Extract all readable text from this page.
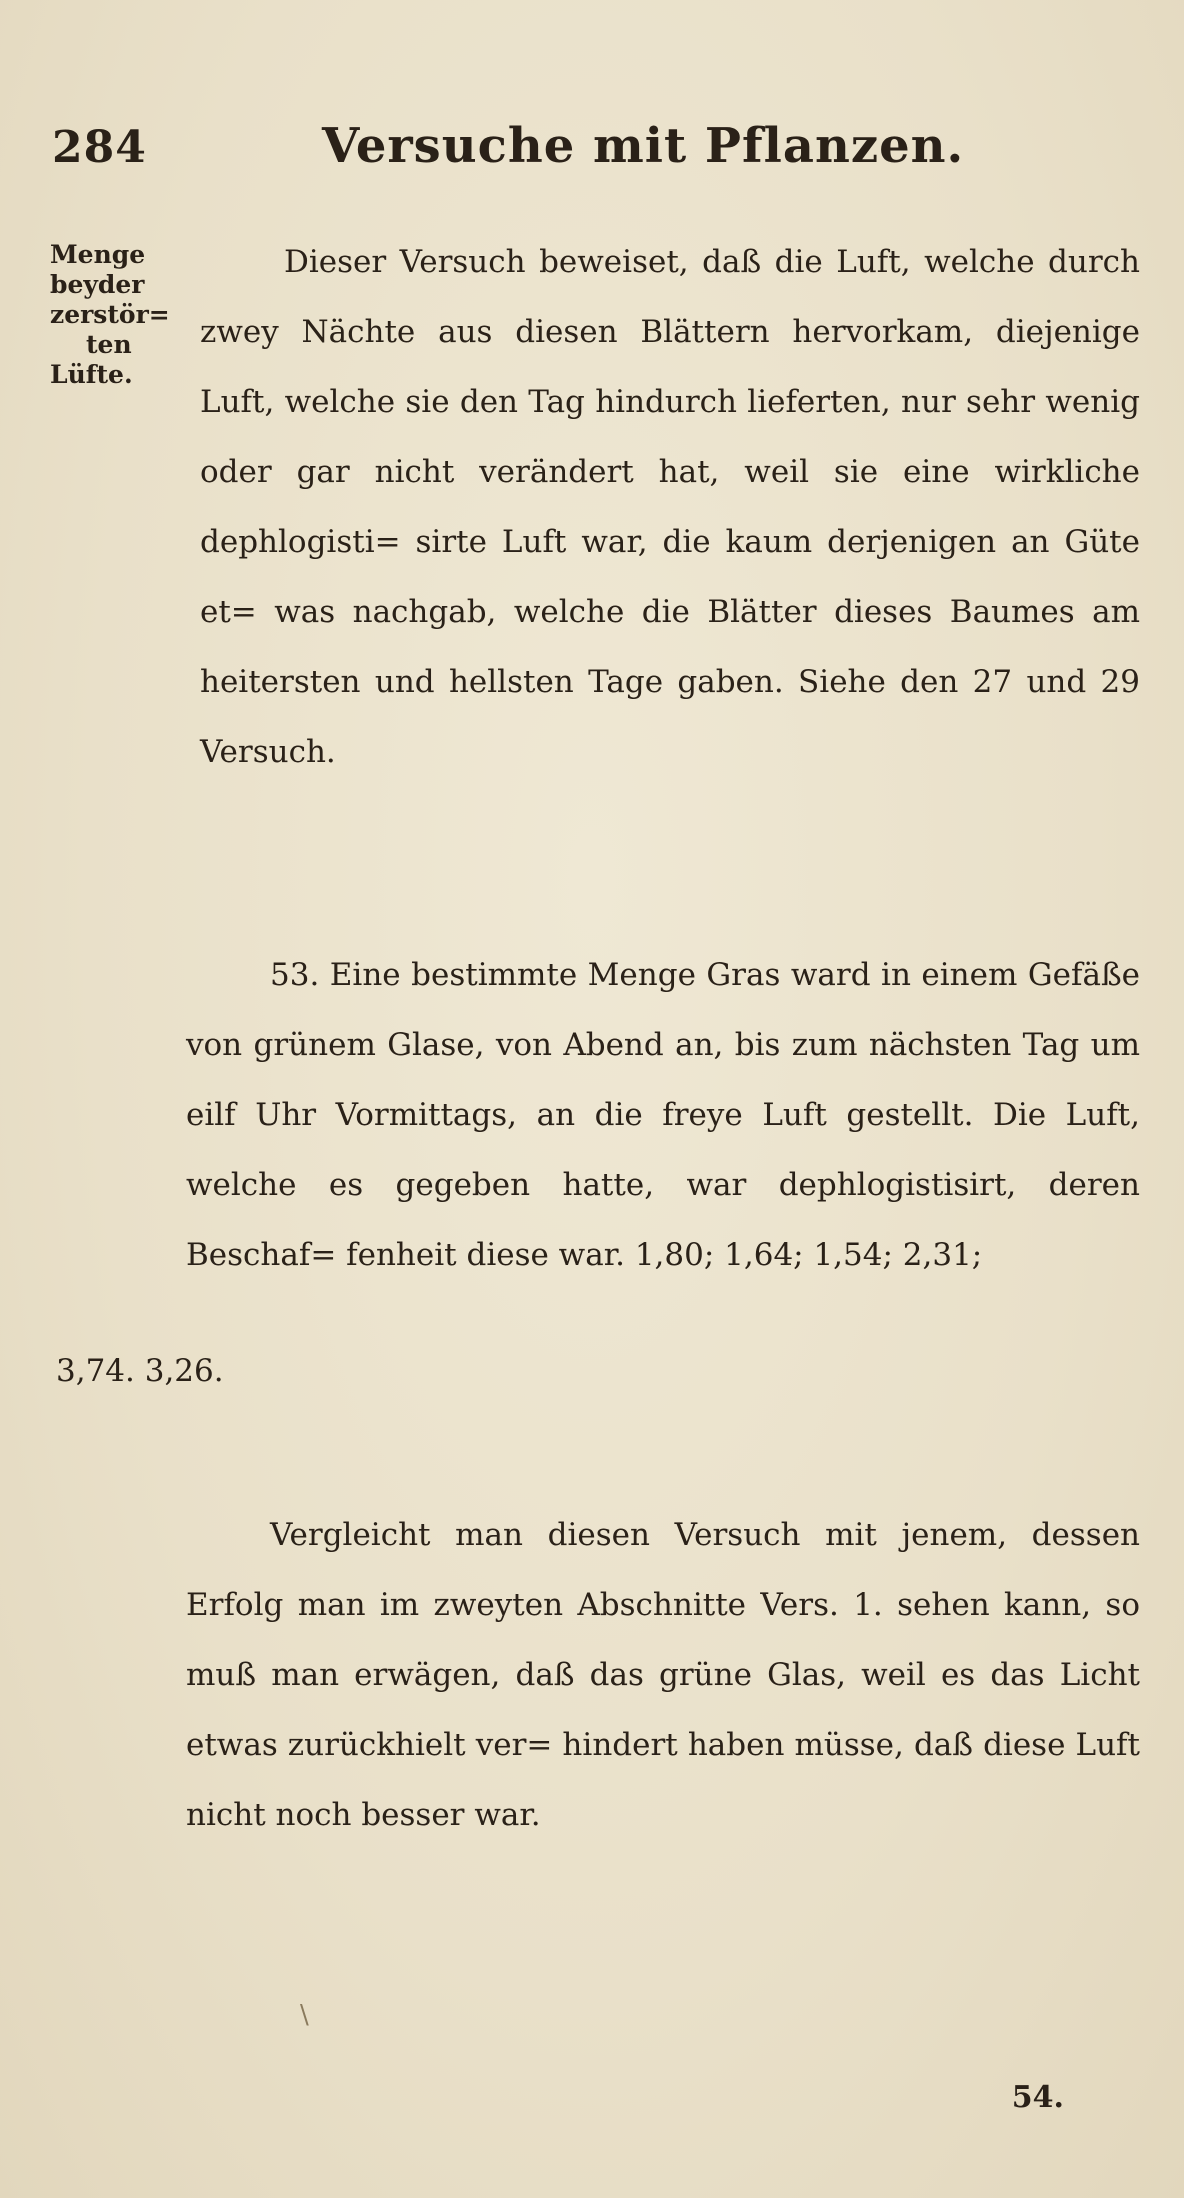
284	Versuche mit Pflanzen.
Menge
beyder
zerstör=
ten
Lüfte.
Dieser Versuch beweiset, daß die Luft, welche durch zwey Nächte aus diesen Blättern hervorkam, diejenige Luft, welche sie den Tag hindurch lieferten, nur sehr wenig oder gar nicht verändert hat, weil sie eine wirkliche dephlogisti= sirte Luft war, die kaum derjenigen an Güte et= was nachgab, welche die Blätter dieses Baumes am heitersten und hellsten Tage gaben. Siehe den 27 und 29 Versuch.
53. Eine bestimmte Menge Gras ward in einem Gefäße von grünem Glase, von Abend an, bis zum nächsten Tag um eilf Uhr Vormittags, an die freye Luft gestellt. Die Luft, welche es gegeben hatte, war dephlogistisirt, deren Beschaf= fenheit diese war. 1,80; 1,64; 1,54; 2,31;
3,74. 3,26.
Vergleicht man diesen Versuch mit jenem, dessen Erfolg man im zweyten Abschnitte Vers. 1. sehen kann, so muß man erwägen, daß das grüne Glas, weil es das Licht etwas zurückhielt ver= hindert haben müsse, daß diese Luft nicht noch besser war.
54.
\
